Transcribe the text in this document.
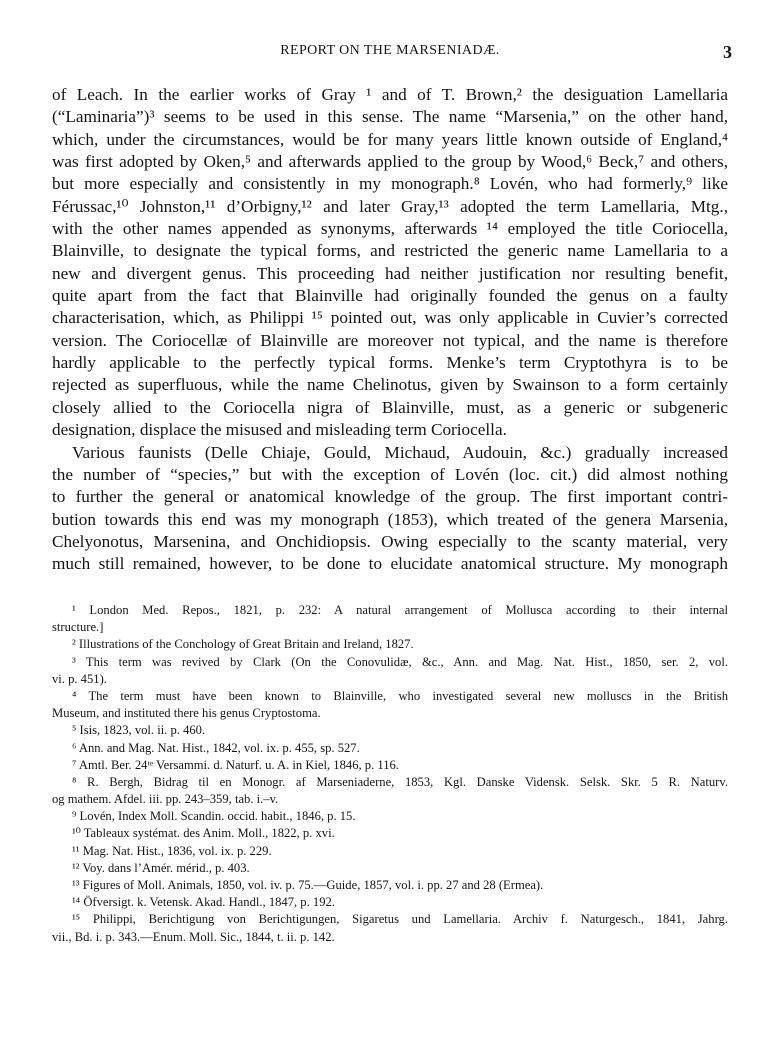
REPORT ON THE MARSENIADÆ.	3
of Leach. In the earlier works of Gray ¹ and of T. Brown,² the desiguation Lamellaria
(“Laminaria”)³ seems to be used in this sense. The name “Marsenia,” on the other hand,
which, under the circumstances, would be for many years little known outside of England,⁴
was first adopted by Oken,⁵ and afterwards applied to the group by Wood,⁶ Beck,⁷ and others,
but more especially and consistently in my monograph.⁸ Lovén, who had formerly,⁹ like
Férussac,¹⁰ Johnston,¹¹ d’Orbigny,¹² and later Gray,¹³ adopted the term Lamellaria, Mtg.,
with the other names appended as synonyms, afterwards ¹⁴ employed the title Coriocella,
Blainville, to designate the typical forms, and restricted the generic name Lamellaria to a
new and divergent genus. This proceeding had neither justification nor resulting benefit,
quite apart from the fact that Blainville had originally founded the genus on a faulty
characterisation, which, as Philippi ¹⁵ pointed out, was only applicable in Cuvier’s corrected
version. The Coriocellæ of Blainville are moreover not typical, and the name is therefore
hardly applicable to the perfectly typical forms. Menke’s term Cryptothyra is to be
rejected as superfluous, while the name Chelinotus, given by Swainson to a form certainly
closely allied to the Coriocella nigra of Blainville, must, as a generic or subgeneric
designation, displace the misused and misleading term Coriocella.
Various faunists (Delle Chiaje, Gould, Michaud, Audouin, &c.) gradually increased
the number of “species,” but with the exception of Lovén (loc. cit.) did almost nothing
to further the general or anatomical knowledge of the group. The first important contri-
bution towards this end was my monograph (1853), which treated of the genera Marsenia,
Chelyonotus, Marsenina, and Onchidiopsis. Owing especially to the scanty material, very
much still remained, however, to be done to elucidate anatomical structure. My monograph
¹ London Med. Repos., 1821, p. 232: A natural arrangement of Mollusca according to their internal
structure.]
² Illustrations of the Conchology of Great Britain and Ireland, 1827.
³ This term was revived by Clark (On the Conovulidæ, &c., Ann. and Mag. Nat. Hist., 1850, ser. 2, vol.
vi. p. 451).
⁴ The term must have been known to Blainville, who investigated several new molluscs in the British
Museum, and instituted there his genus Cryptostoma.
⁵ Isis, 1823, vol. ii. p. 460.
⁶ Ann. and Mag. Nat. Hist., 1842, vol. ix. p. 455, sp. 527.
⁷ Amtl. Ber. 24ᵗᵉ Versammi. d. Naturf. u. A. in Kiel, 1846, p. 116.
⁸ R. Bergh, Bidrag til en Monogr. af Marseniaderne, 1853, Kgl. Danske Vidensk. Selsk. Skr. 5 R. Naturv.
og mathem. Afdel. iii. pp. 243–359, tab. i.–v.
⁹ Lovén, Index Moll. Scandin. occid. habit., 1846, p. 15.
¹⁰ Tableaux systémat. des Anim. Moll., 1822, p. xvi.
¹¹ Mag. Nat. Hist., 1836, vol. ix. p. 229.
¹² Voy. dans l’Amér. mérid., p. 403.
¹³ Figures of Moll. Animals, 1850, vol. iv. p. 75.—Guide, 1857, vol. i. pp. 27 and 28 (Ermea).
¹⁴ Öfversigt. k. Vetensk. Akad. Handl., 1847, p. 192.
¹⁵ Philippi, Berichtigung von Berichtigungen, Sigaretus und Lamellaria. Archiv f. Naturgesch., 1841, Jahrg.
vii., Bd. i. p. 343.—Enum. Moll. Sic., 1844, t. ii. p. 142.
